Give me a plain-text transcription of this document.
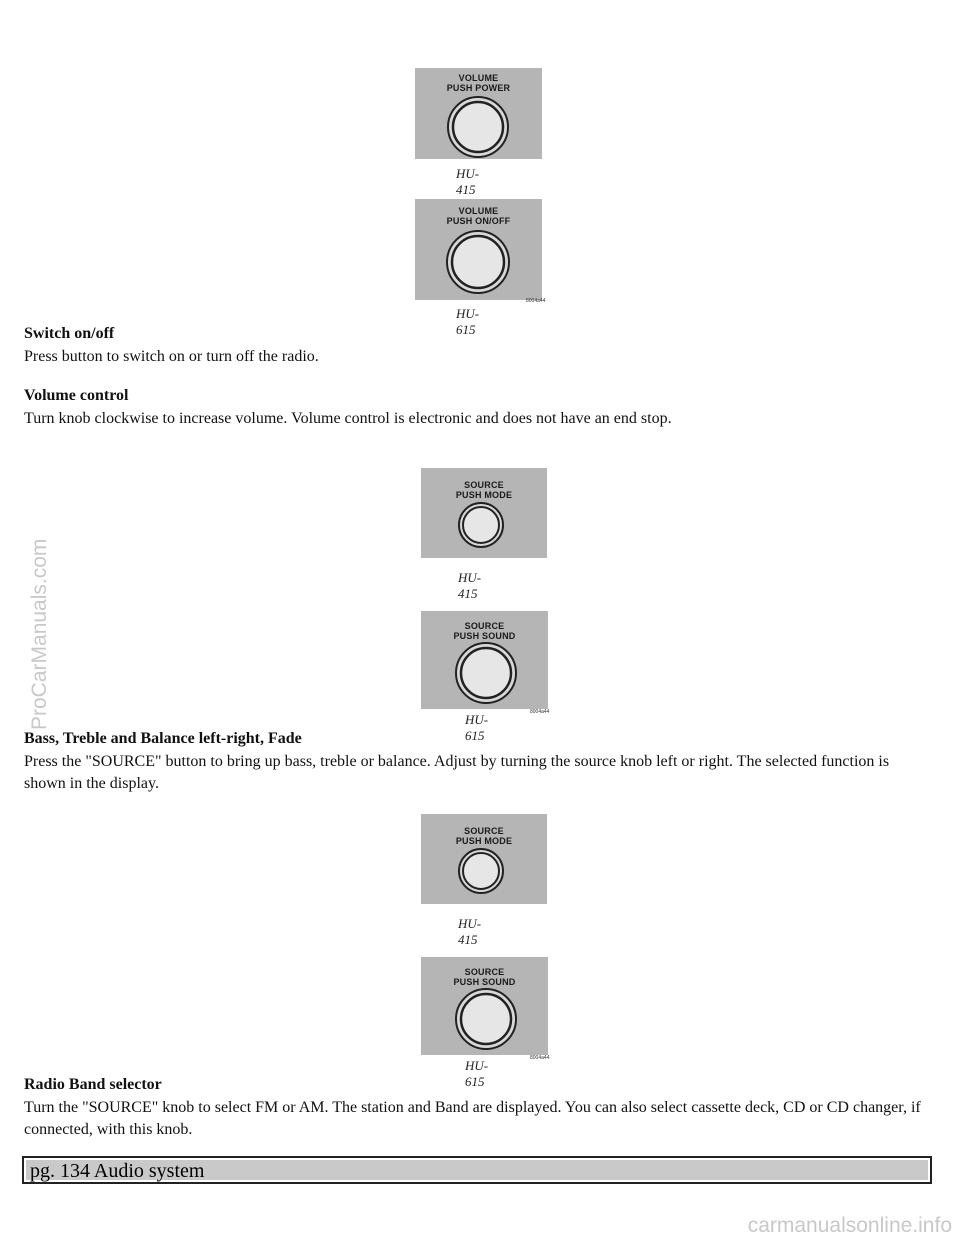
VOLUME
PUSH POWER
HU-415
VOLUME
PUSH ON/OFF
8004a44
HU-615
Switch on/off
Press button to switch on or turn off the radio.
Volume control
Turn knob clockwise to increase volume. Volume control is electronic and does not have an end stop.
SOURCE
PUSH MODE
HU-415
SOURCE
PUSH SOUND
8004a44
HU-615
ProCarManuals.com
Bass, Treble and Balance left-right, Fade
Press the "SOURCE" button to bring up bass, treble or balance. Adjust by turning the source knob left or right. The selected function is shown in the display.
SOURCE
PUSH MODE
HU-415
SOURCE
PUSH SOUND
8004a44
HU-615
Radio Band selector
Turn the "SOURCE" knob to select FM or AM. The station and Band are displayed. You can also select cassette deck, CD or CD changer, if connected, with this knob.
pg. 134 Audio system
carmanualsonline.info
